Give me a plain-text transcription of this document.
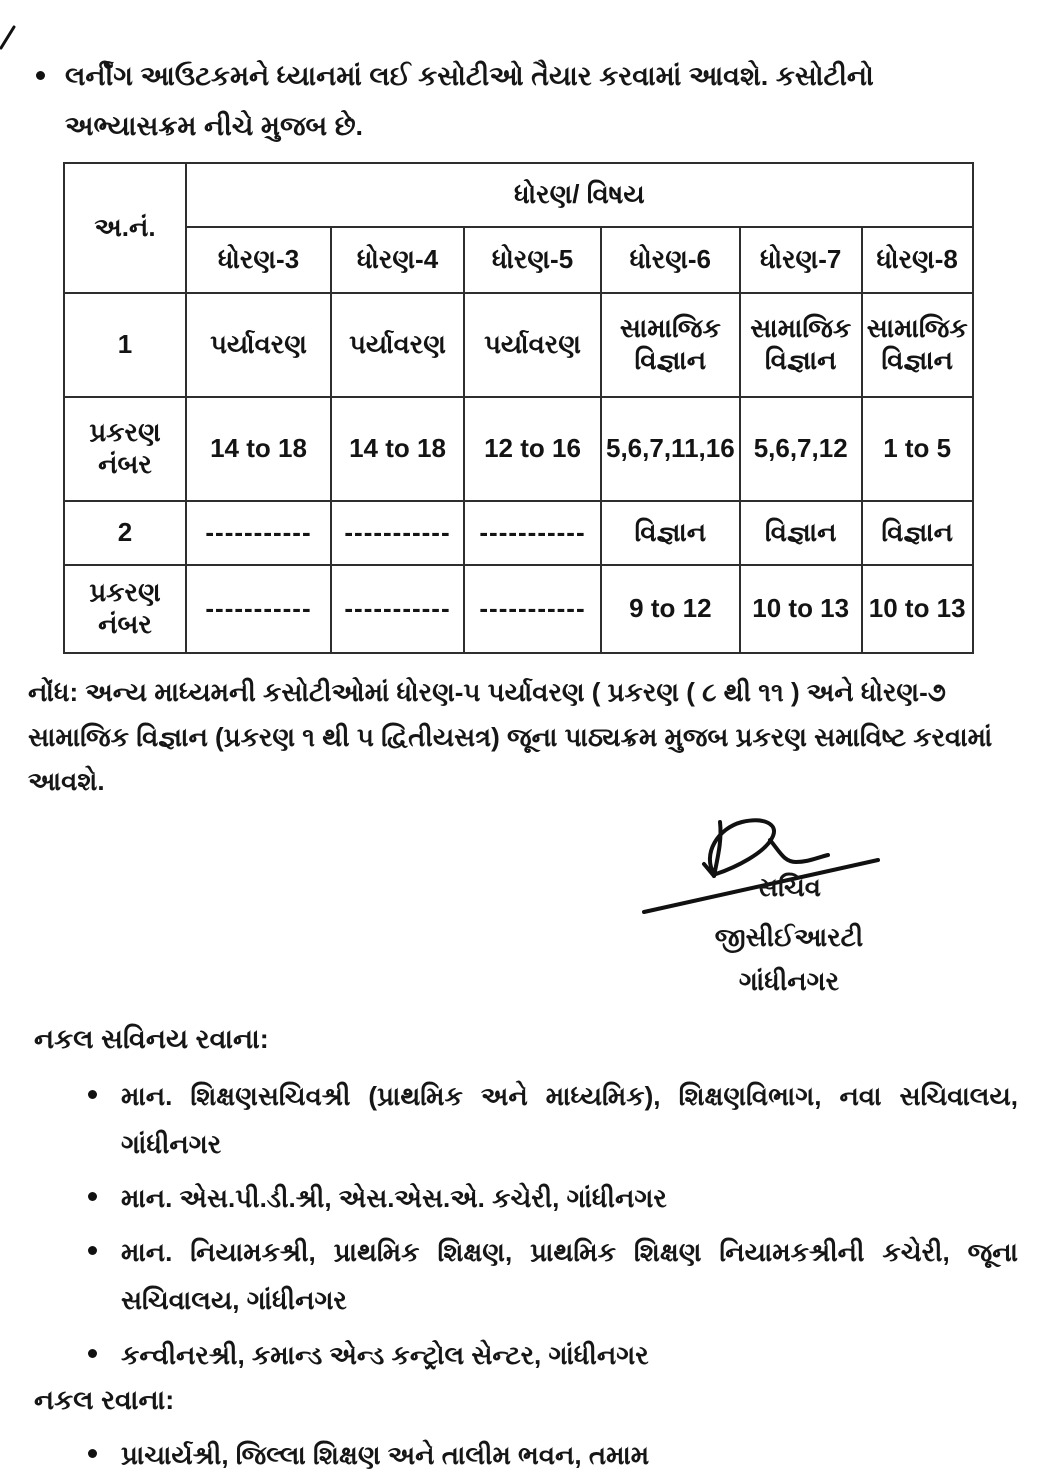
લર્નીંગ આઉટકમને ધ્યાનમાં લઈ કસોટીઓ તૈયાર કરવામાં આવશે. કસોટીનો અભ્યાસક્રમ નીચે મુજબ છે.
અ.નં.	ધોરણ/ વિષય					
	ધોરણ-3	ધોરણ-4	ધોરણ-5	ધોરણ-6	ધોરણ-7	ધોરણ-8
1	પર્યાવરણ	પર્યાવરણ	પર્યાવરણ	સામાજિક વિજ્ઞાન	સામાજિક વિજ્ઞાન	સામાજિક વિજ્ઞાન
પ્રકરણ નંબર	14 to 18	14 to 18	12 to 16	5,6,7,11,16	5,6,7,12	1 to 5
2	-----------	-----------	-----------	વિજ્ઞાન	વિજ્ઞાન	વિજ્ઞાન
પ્રકરણ નંબર	-----------	-----------	-----------	9 to 12	10 to 13	10 to 13
નોંધ: અન્ય માધ્યમની કસોટીઓમાં ધોરણ-૫ પર્યાવરણ ( પ્રકરણ ( ૮ થી ૧૧ ) અને ધોરણ-૭ સામાજિક વિજ્ઞાન (પ્રકરણ ૧ થી ૫ દ્વિતીયસત્ર) જૂના પાઠ્યક્રમ મુજબ પ્રકરણ સમાવિષ્ટ કરવામાં આવશે.
સચિવ
જીસીઈઆરટી
ગાંધીનગર
નકલ સવિનય રવાના:
માન. શિક્ષણસચિવશ્રી (પ્રાથમિક અને માધ્યમિક), શિક્ષણવિભાગ, નવા સચિવાલય, ગાંધીનગર
માન. એસ.પી.ડી.શ્રી, એસ.એસ.એ. કચેરી, ગાંધીનગર
માન. નિયામકશ્રી, પ્રાથમિક શિક્ષણ, પ્રાથમિક શિક્ષણ નિયામકશ્રીની કચેરી, જૂના સચિવાલય, ગાંધીનગર
કન્વીનરશ્રી, કમાન્ડ એન્ડ કન્ટ્રોલ સેન્ટર, ગાંધીનગર
નકલ રવાના:
પ્રાચાર્યશ્રી, જિલ્લા શિક્ષણ અને તાલીમ ભવન, તમામ
